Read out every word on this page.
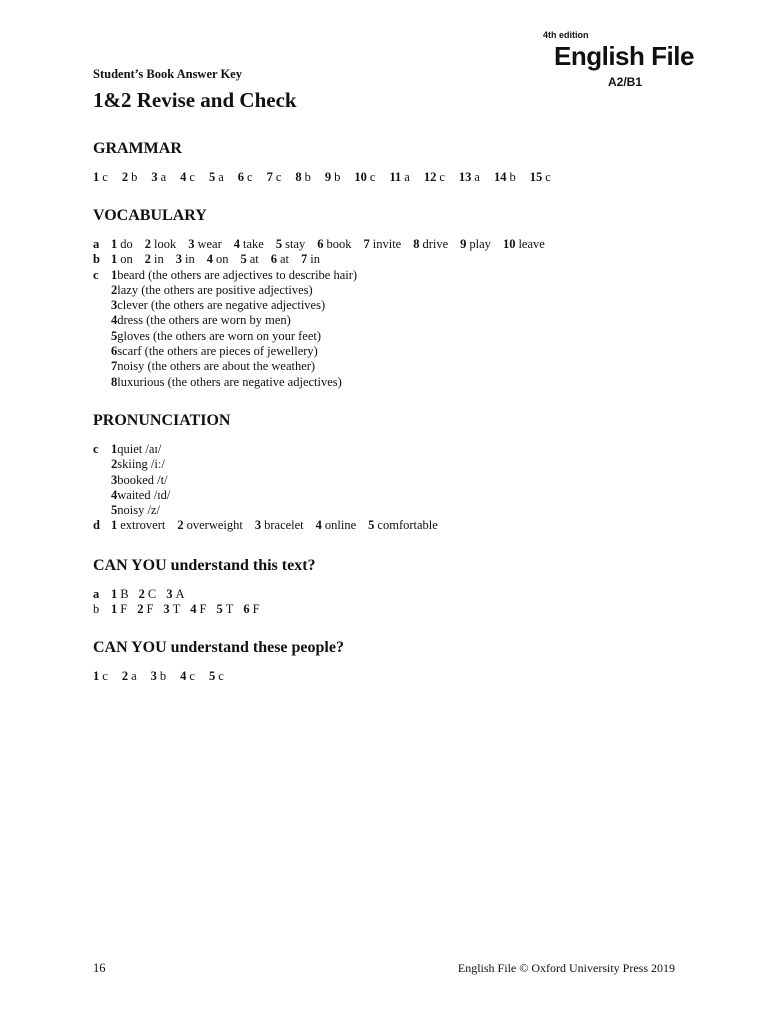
4th edition
English File
A2/B1
Student’s Book Answer Key
1&2 Revise and Check
GRAMMAR
1 c 2 b 3 a 4 c 5 a 6 c 7 c 8 b 9 b 10 c 11 a 12 c 13 a 14 b 15 c
VOCABULARY
a 1 do 2 look 3 wear 4 take 5 stay 6 book 7 invite 8 drive 9 play 10 leave
b 1 on 2 in 3 in 4 on 5 at 6 at 7 in
c 1beard (the others are adjectives to describe hair)
2lazy (the others are positive adjectives)
3clever (the others are negative adjectives)
4dress (the others are worn by men)
5gloves (the others are worn on your feet)
6scarf (the others are pieces of jewellery)
7noisy (the others are about the weather)
8luxurious (the others are negative adjectives)
PRONUNCIATION
c 1quiet /aɪ/
2skiing /iː/
3booked /t/
4waited /ɪd/
5noisy /z/
d 1 extrovert 2 overweight 3 bracelet 4 online 5 comfortable
CAN YOU understand this text?
a 1 B 2 C 3 A
b 1 F 2 F 3 T 4 F 5 T 6 F
CAN YOU understand these people?
1 c 2 a 3 b 4 c 5 c
16	English File © Oxford University Press 2019
